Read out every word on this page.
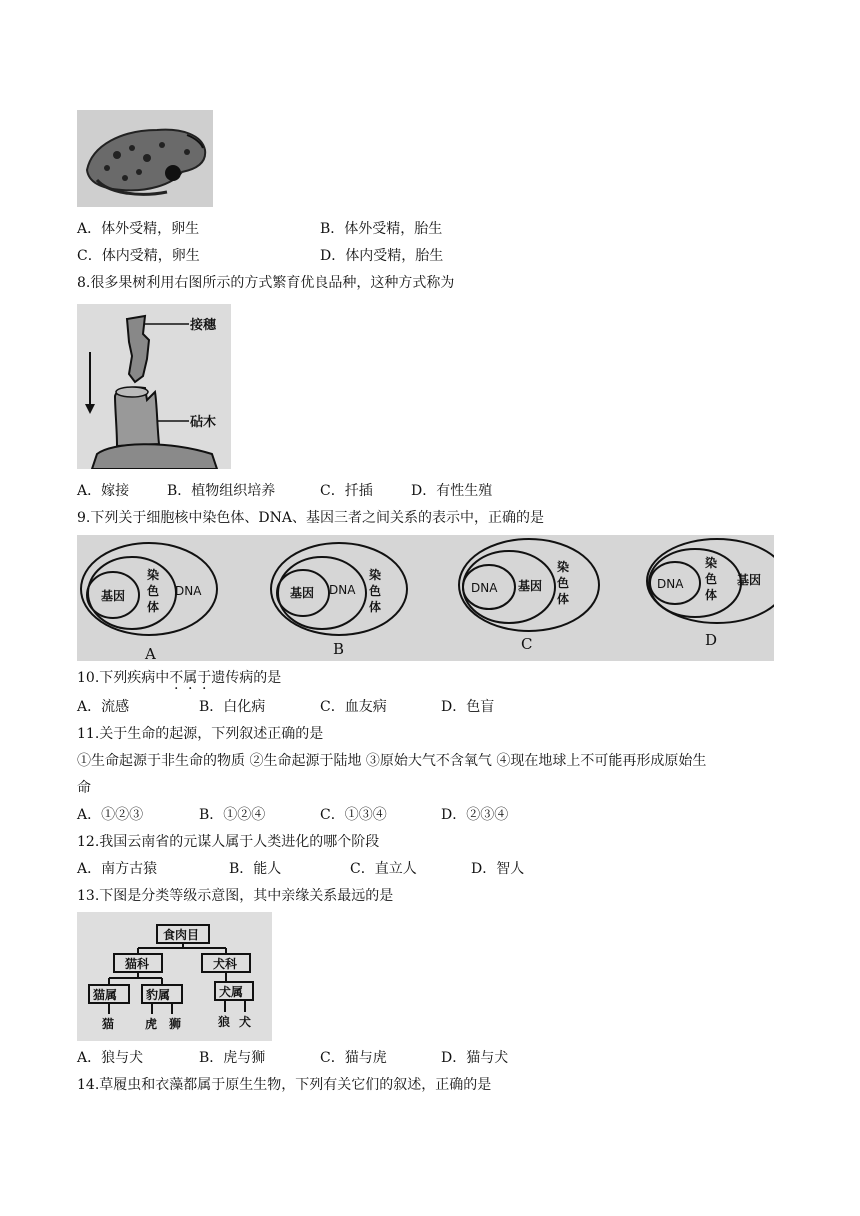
A．体外受精，卵生	B．体外受精，胎生
C．体内受精，卵生	D．体内受精，胎生
8.很多果树利用右图所示的方式繁育优良品种，这种方式称为
接穗
砧木
A．嫁接	B．植物组织培养	C．扦插	D．有性生殖
9.下列关于细胞核中染色体、DNA、基因三者之间关系的表示中，正确的是
基因
染
色
体
DNA
A
基因 DNA
染
色
体
B
DNA 基因
染
色
体
C
DNA
染
色
体
基因
D
10.下列疾病中不属于遗传病的是
A．流感	B．白化病	C．血友病	D．色盲
11.关于生命的起源，下列叙述正确的是
①生命起源于非生命的物质 ②生命起源于陆地 ③原始大气不含氧气 ④现在地球上不可能再形成原始生
命
A．①②③	B．①②④	C．①③④	D．②③④
12.我国云南省的元谋人属于人类进化的哪个阶段
A．南方古猿	B．能人	C．直立人	D．智人
13.下图是分类等级示意图，其中亲缘关系最远的是
食肉目
猫科	犬科
猫属 豹属	犬属
猫	虎 狮	狼 犬
A．狼与犬	B．虎与狮	C．猫与虎	D．猫与犬
14.草履虫和衣藻都属于原生生物，下列有关它们的叙述，正确的是
